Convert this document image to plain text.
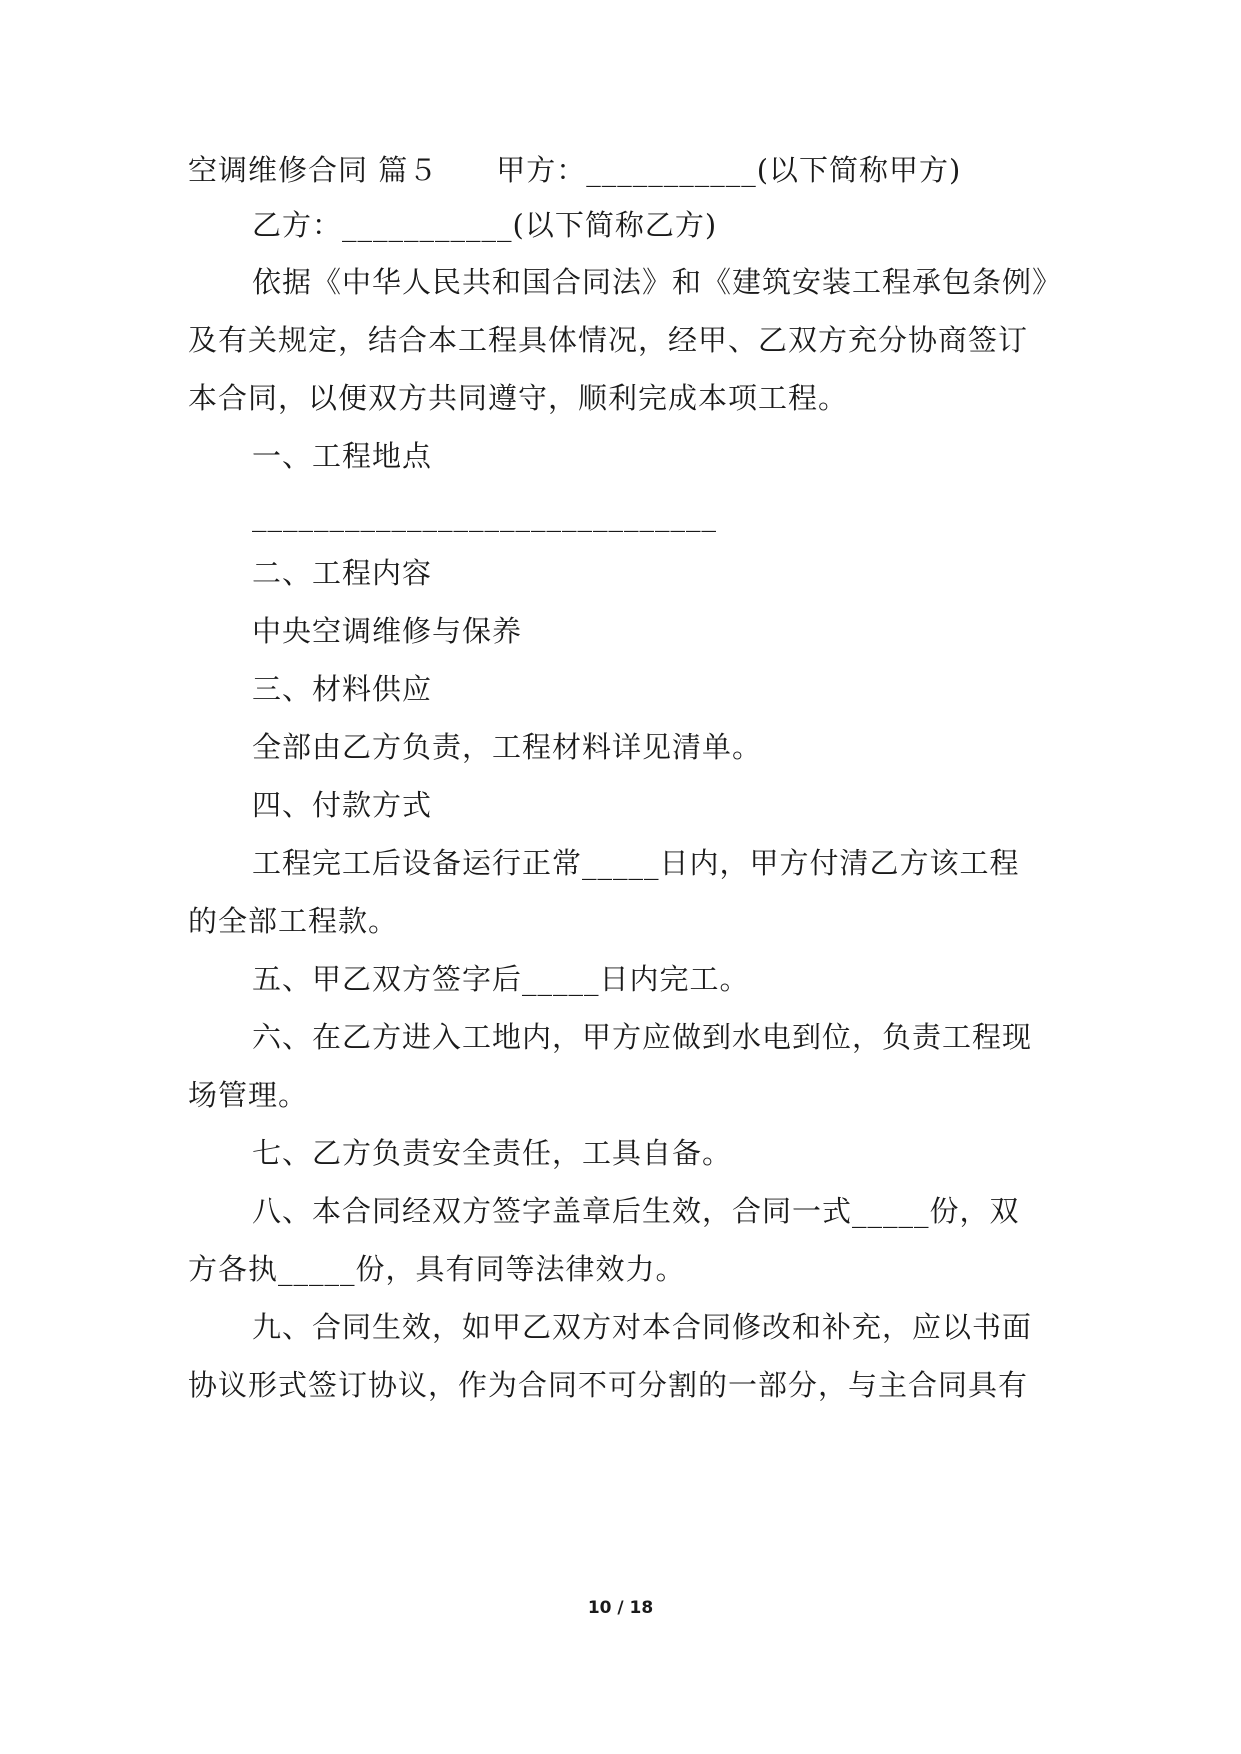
空调维修合同 篇５ 甲方：___________(以下简称甲方)
乙方：___________(以下简称乙方)
依据《中华人民共和国合同法》和《建筑安装工程承包条例》
及有关规定，结合本工程具体情况，经甲、乙双方充分协商签订
本合同，以便双方共同遵守，顺利完成本项工程。
一、工程地点
______________________________
二、工程内容
中央空调维修与保养
三、材料供应
全部由乙方负责，工程材料详见清单。
四、付款方式
工程完工后设备运行正常_____日内，甲方付清乙方该工程
的全部工程款。
五、甲乙双方签字后_____日内完工。
六、在乙方进入工地内，甲方应做到水电到位，负责工程现
场管理。
七、乙方负责安全责任，工具自备。
八、本合同经双方签字盖章后生效，合同一式_____份，双
方各执_____份，具有同等法律效力。
九、合同生效，如甲乙双方对本合同修改和补充，应以书面
协议形式签订协议，作为合同不可分割的一部分，与主合同具有
10 / 18
